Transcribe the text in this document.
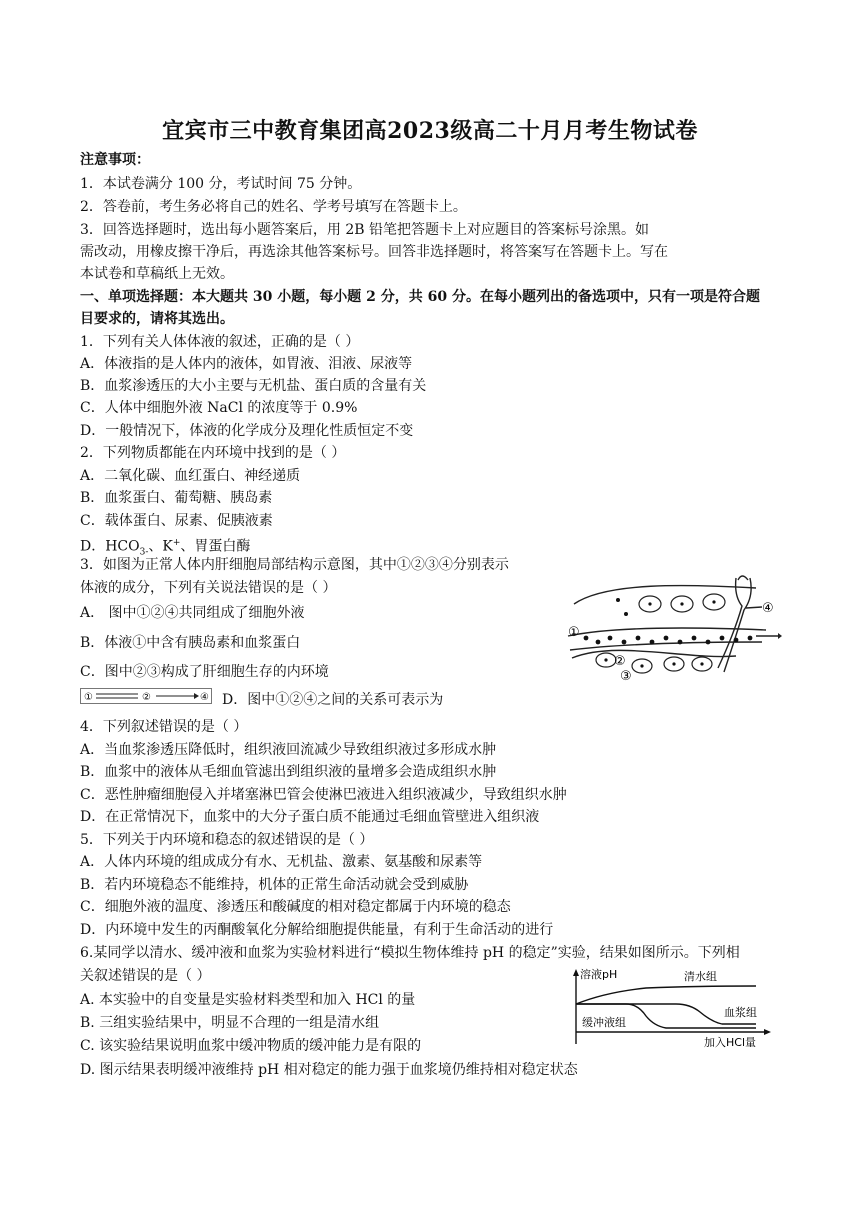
宜宾市三中教育集团高2023级高二十月月考生物试卷
注意事项：
1．本试卷满分 100 分，考试时间 75 分钟。
2．答卷前，考生务必将自己的姓名、学考号填写在答题卡上。
3．回答选择题时，选出每小题答案后，用 2B 铅笔把答题卡上对应题目的答案标号涂黑。如
需改动，用橡皮擦干净后，再选涂其他答案标号。回答非选择题时，将答案写在答题卡上。写在
本试卷和草稿纸上无效。
一、单项选择题：本大题共 30 小题，每小题 2 分，共 60 分。在每小题列出的备选项中，只有一项是符合题
目要求的，请将其选出。
1．下列有关人体体液的叙述，正确的是（ ）
A．体液指的是人体内的液体，如胃液、泪液、尿液等
B．血浆渗透压的大小主要与无机盐、蛋白质的含量有关
C．人体中细胞外液 NaCl 的浓度等于 0.9%
D．一般情况下，体液的化学成分及理化性质恒定不变
2．下列物质都能在内环境中找到的是（ ）
A．二氧化碳、血红蛋白、神经递质
B．血浆蛋白、葡萄糖、胰岛素
C．载体蛋白、尿素、促胰液素
D．$HCO_{3-}$、K+、胃蛋白酶
3．如图为正常人体内肝细胞局部结构示意图，其中①②③④分别表示
体液的成分，下列有关说法错误的是（ ）
A． 图中①②④共同组成了细胞外液
B．体液①中含有胰岛素和血浆蛋白
C．图中②③构成了肝细胞生存的内环境
①	②	④ D．图中①②④之间的关系可表示为
①
②
③
④
4．下列叙述错误的是（ ）
A．当血浆渗透压降低时，组织液回流减少导致组织液过多形成水肿
B．血浆中的液体从毛细血管滤出到组织液的量增多会造成组织水肿
C．恶性肿瘤细胞侵入并堵塞淋巴管会使淋巴液进入组织液减少，导致组织水肿
D．在正常情况下，血浆中的大分子蛋白质不能通过毛细血管壁进入组织液
5．下列关于内环境和稳态的叙述错误的是（ ）
A．人体内环境的组成成分有水、无机盐、激素、氨基酸和尿素等
B．若内环境稳态不能维持，机体的正常生命活动就会受到威胁
C．细胞外液的温度、渗透压和酸碱度的相对稳定都属于内环境的稳态
D．内环境中发生的丙酮酸氧化分解给细胞提供能量，有利于生命活动的进行
6.某同学以清水、缓冲液和血浆为实验材料进行“模拟生物体维持 pH 的稳定”实验，结果如图所示。下列相
关叙述错误的是（ ）
A. 本实验中的自变量是实验材料类型和加入 HCl 的量
B. 三组实验结果中，明显不合理的一组是清水组
C. 该实验结果说明血浆中缓冲物质的缓冲能力是有限的
D. 图示结果表明缓冲液维持 pH 相对稳定的能力强于血浆境仍维持相对稳定状态
溶液pH	清水组
血浆组
缓冲液组
加入HCl量
